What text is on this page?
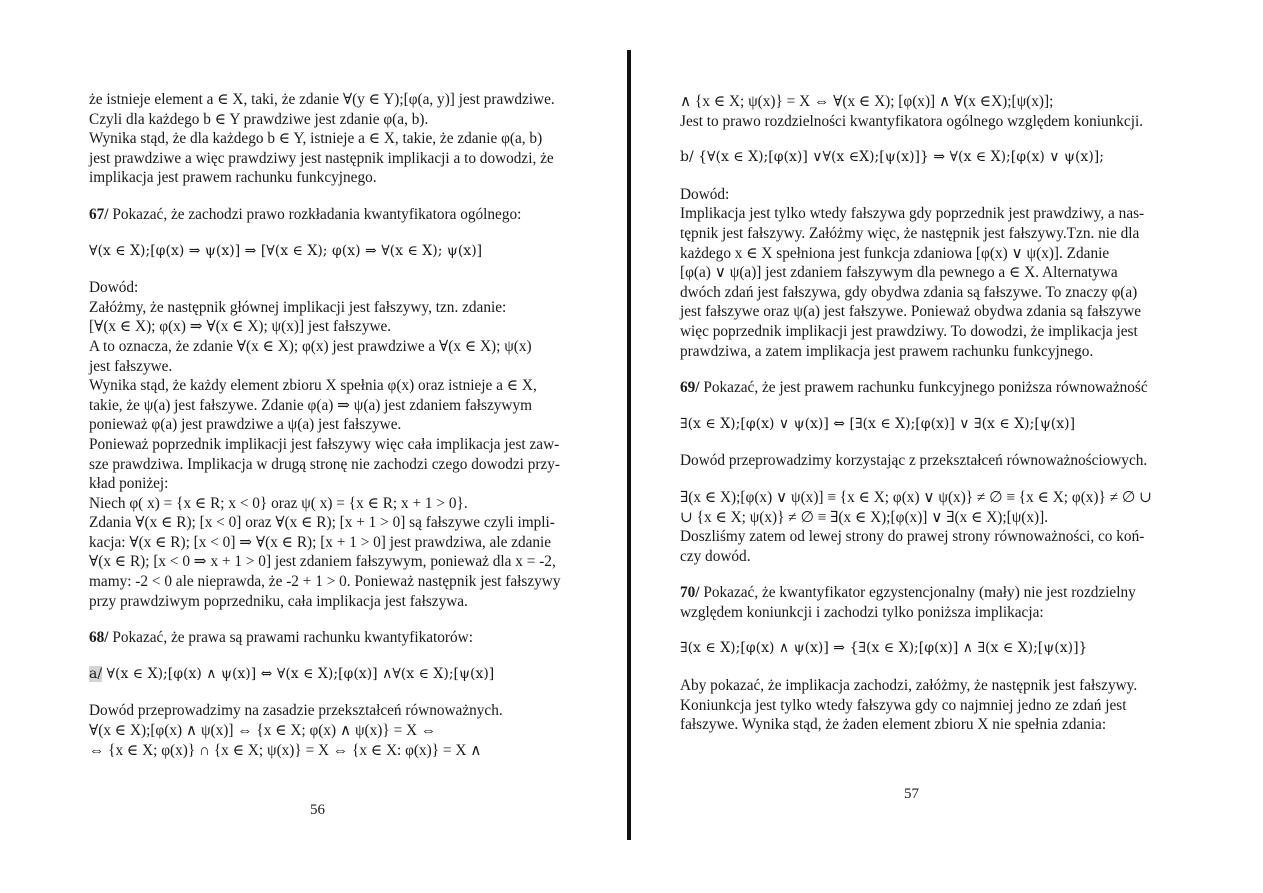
że istnieje element a ∈ X, taki, że zdanie ∀(y ∈ Y);[φ(a, y)] jest prawdziwe.
Czyli dla każdego b ∈ Y prawdziwe jest zdanie φ(a, b).
Wynika stąd, że dla każdego b ∈ Y, istnieje a ∈ X, takie, że zdanie φ(a, b)
jest prawdziwe a więc prawdziwy jest następnik implikacji a to dowodzi, że
implikacja jest prawem rachunku funkcyjnego.
67/ Pokazać, że zachodzi prawo rozkładania kwantyfikatora ogólnego:
∀(x ∈ X);[φ(x) ⇒ ψ(x)] ⇒ [∀(x ∈ X); φ(x) ⇒ ∀(x ∈ X); ψ(x)]
Dowód:
Załóżmy, że następnik głównej implikacji jest fałszywy, tzn. zdanie:
[∀(x ∈ X); φ(x) ⇒ ∀(x ∈ X); ψ(x)] jest fałszywe.
A to oznacza, że zdanie ∀(x ∈ X); φ(x) jest prawdziwe a ∀(x ∈ X); ψ(x)
jest fałszywe.
Wynika stąd, że każdy element zbioru X spełnia φ(x) oraz istnieje a ∈ X,
takie, że ψ(a) jest fałszywe. Zdanie φ(a) ⇒ ψ(a) jest zdaniem fałszywym
ponieważ φ(a) jest prawdziwe a ψ(a) jest fałszywe.
Ponieważ poprzednik implikacji jest fałszywy więc cała implikacja jest zaw-
sze prawdziwa. Implikacja w drugą stronę nie zachodzi czego dowodzi przy-
kład poniżej:
Niech φ( x) = {x ∈ R; x < 0} oraz ψ( x) = {x ∈ R; x + 1 > 0}.
Zdania ∀(x ∈ R); [x < 0] oraz ∀(x ∈ R); [x + 1 > 0] są fałszywe czyli impli-
kacja: ∀(x ∈ R); [x < 0] ⇒ ∀(x ∈ R); [x + 1 > 0] jest prawdziwa, ale zdanie
∀(x ∈ R); [x < 0 ⇒ x + 1 > 0] jest zdaniem fałszywym, ponieważ dla x = -2,
mamy: -2 < 0 ale nieprawda, że -2 + 1 > 0. Ponieważ następnik jest fałszywy
przy prawdziwym poprzedniku, cała implikacja jest fałszywa.
68/ Pokazać, że prawa są prawami rachunku kwantyfikatorów:
a/ ∀(x ∈ X);[φ(x) ∧ ψ(x)] ⇔ ∀(x ∈ X);[φ(x)] ∧∀(x ∈ X);[ψ(x)]
Dowód przeprowadzimy na zasadzie przekształceń równoważnych.
∀(x ∈ X);[φ(x) ∧ ψ(x)] ⇔ {x ∈ X; φ(x) ∧ ψ(x)} = X ⇔
⇔ {x ∈ X; φ(x)} ∩ {x ∈ X; ψ(x)} = X ⇔ {x ∈ X: φ(x)} = X ∧
56
∧ {x ∈ X; ψ(x)} = X ⇔ ∀(x ∈ X); [φ(x)] ∧ ∀(x ∈X);[ψ(x)];
Jest to prawo rozdzielności kwantyfikatora ogólnego względem koniunkcji.
b/ {∀(x ∈ X);[φ(x)] ∨∀(x ∈X);[ψ(x)]} ⇒ ∀(x ∈ X);[φ(x) ∨ ψ(x)];
Dowód:
Implikacja jest tylko wtedy fałszywa gdy poprzednik jest prawdziwy, a nas-
tępnik jest fałszywy. Załóżmy więc, że następnik jest fałszywy.Tzn. nie dla
każdego x ∈ X spełniona jest funkcja zdaniowa [φ(x) ∨ ψ(x)]. Zdanie
[φ(a) ∨ ψ(a)] jest zdaniem fałszywym dla pewnego a ∈ X. Alternatywa
dwóch zdań jest fałszywa, gdy obydwa zdania są fałszywe. To znaczy φ(a)
jest fałszywe oraz ψ(a) jest fałszywe. Ponieważ obydwa zdania są fałszywe
więc poprzednik implikacji jest prawdziwy. To dowodzi, że implikacja jest
prawdziwa, a zatem implikacja jest prawem rachunku funkcyjnego.
69/ Pokazać, że jest prawem rachunku funkcyjnego poniższa równoważność
∃(x ∈ X);[φ(x) ∨ ψ(x)] ⇔ [∃(x ∈ X);[φ(x)] ∨ ∃(x ∈ X);[ψ(x)]
Dowód przeprowadzimy korzystając z przekształceń równoważnościowych.
∃(x ∈ X);[φ(x) ∨ ψ(x)] ≡ {x ∈ X; φ(x) ∨ ψ(x)} ≠ ∅ ≡ {x ∈ X; φ(x)} ≠ ∅ ∪
∪ {x ∈ X; ψ(x)} ≠ ∅ ≡ ∃(x ∈ X);[φ(x)] ∨ ∃(x ∈ X);[ψ(x)].
Doszliśmy zatem od lewej strony do prawej strony równoważności, co koń-
czy dowód.
70/ Pokazać, że kwantyfikator egzystencjonalny (mały) nie jest rozdzielny
względem koniunkcji i zachodzi tylko poniższa implikacja:
∃(x ∈ X);[φ(x) ∧ ψ(x)] ⇒ {∃(x ∈ X);[φ(x)] ∧ ∃(x ∈ X);[ψ(x)]}
Aby pokazać, że implikacja zachodzi, załóżmy, że następnik jest fałszywy.
Koniunkcja jest tylko wtedy fałszywa gdy co najmniej jedno ze zdań jest
fałszywe. Wynika stąd, że żaden element zbioru X nie spełnia zdania:
57
